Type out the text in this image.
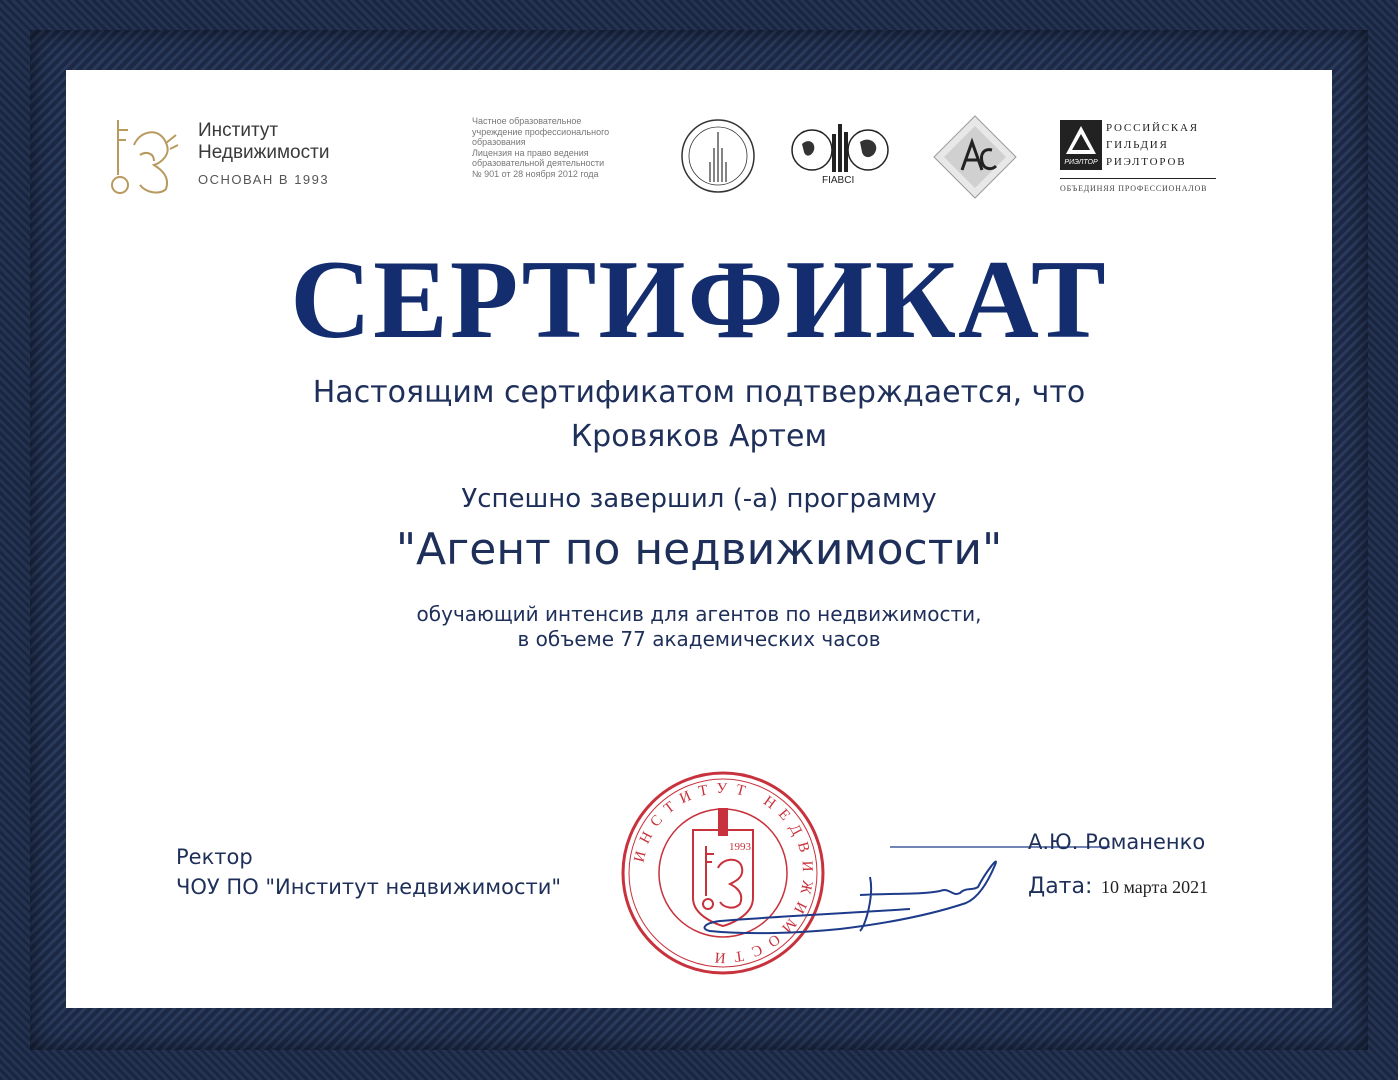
Институт
Недвижимости
ОСНОВАН В 1993
Частное образовательное
учреждение профессионального
образования
Лицензия на право ведения
образовательной деятельности
№ 901 от 28 ноября 2012 года
FIABCI
РИЭЛТОР
РОССИЙСКАЯ
ГИЛЬДИЯ
РИЭЛТОРОВ
ОБЪЕДИНЯЯ ПРОФЕССИОНАЛОВ
СЕРТИФИКАТ
Настоящим сертификатом подтверждается, что
Кровяков Артем
Успешно завершил (-а) программу
"Агент по недвижимости"
обучающий интенсив для агентов по недвижимости,
в объеме 77 академических часов
Ректор
ЧОУ ПО "Институт недвижимости"
ИНСТИТУТ НЕДВИЖИМОСТИ
1993	А.Ю. Романенко
Дата: 10 марта 2021
